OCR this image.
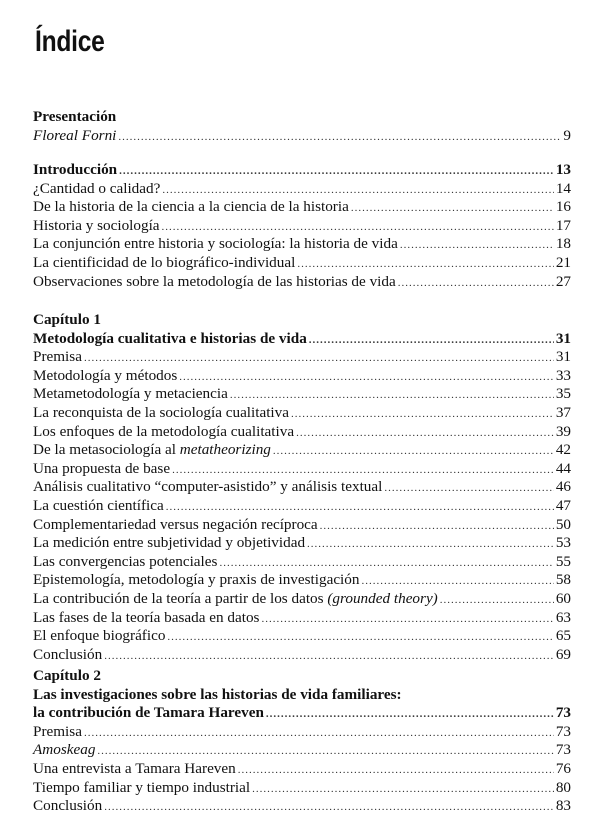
Índice
Presentación
Floreal Forni .....	9
Introducción .....	13
¿Cantidad o calidad? .....	14
De la historia de la ciencia a la ciencia de la historia .....	16
Historia y sociología .....	17
La conjunción entre historia y sociología: la historia de vida .....	18
La cientificidad de lo biográfico-individual .....	21
Observaciones sobre la metodología de las historias de vida .....	27
Capítulo 1
Metodología cualitativa e historias de vida .....	31
Premisa .....	31
Metodología y métodos .....	33
Metametodología y metaciencia .....	35
La reconquista de la sociología cualitativa .....	37
Los enfoques de la metodología cualitativa .....	39
De la metasociología al metatheorizing .....	42
Una propuesta de base .....	44
Análisis cualitativo “computer-asistido” y análisis textual .....	46
La cuestión científica .....	47
Complementariedad versus negación recíproca .....	50
La medición entre subjetividad y objetividad .....	53
Las convergencias potenciales .....	55
Epistemología, metodología y praxis de investigación .....	58
La contribución de la teoría a partir de los datos (grounded theory) .....	60
Las fases de la teoría basada en datos .....	63
El enfoque biográfico .....	65
Conclusión .....	69
Capítulo 2
Las investigaciones sobre las historias de vida familiares:
la contribución de Tamara Hareven .....	73
Premisa .....	73
Amoskeag .....	73
Una entrevista a Tamara Hareven .....	76
Tiempo familiar y tiempo industrial .....	80
Conclusión .....	83
